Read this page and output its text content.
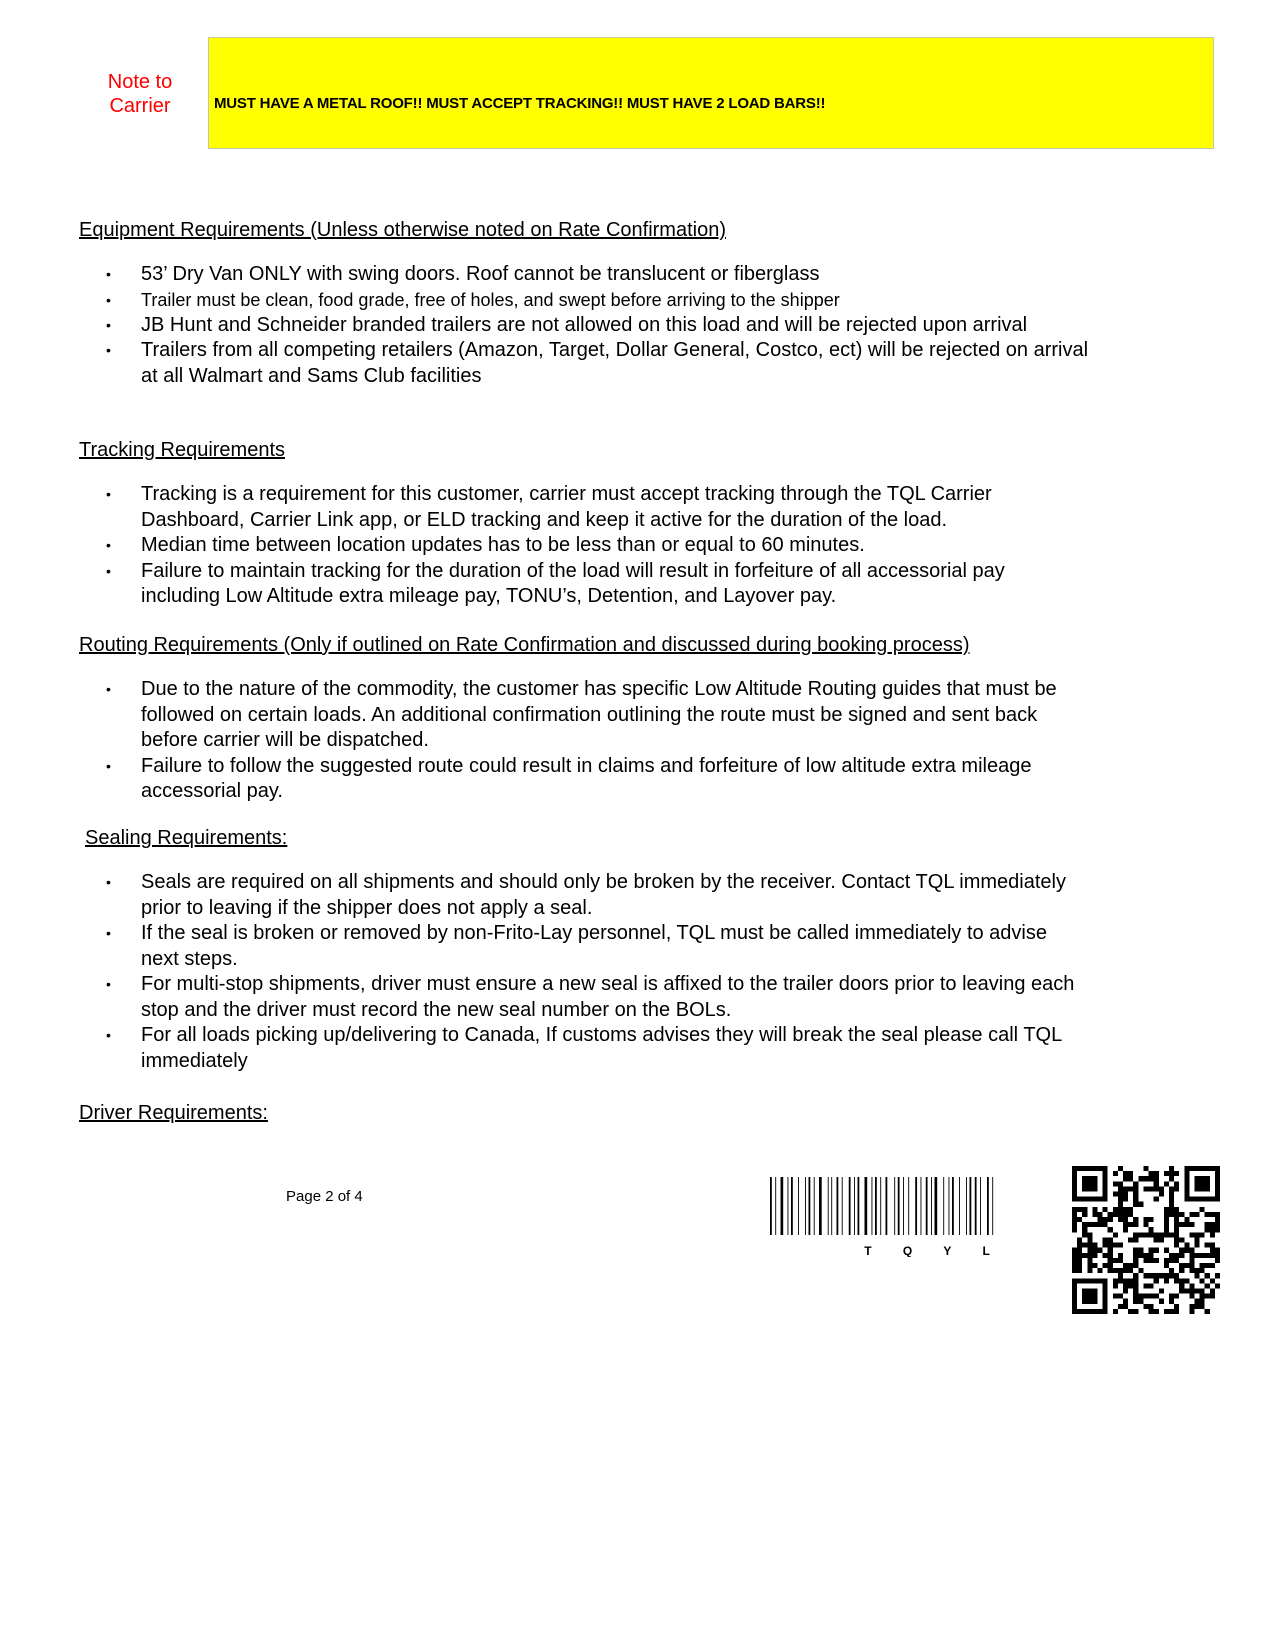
Note to Carrier	MUST HAVE A METAL ROOF!! MUST ACCEPT TRACKING!! MUST HAVE 2 LOAD BARS!!
Equipment Requirements (Unless otherwise noted on Rate Confirmation)
• 53’ Dry Van ONLY with swing doors. Roof cannot be translucent or fiberglass
• Trailer must be clean, food grade, free of holes, and swept before arriving to the shipper
• JB Hunt and Schneider branded trailers are not allowed on this load and will be rejected upon arrival
• Trailers from all competing retailers (Amazon, Target, Dollar General, Costco, ect) will be rejected on arrival at all Walmart and Sams Club facilities
Tracking Requirements
• Tracking is a requirement for this customer, carrier must accept tracking through the TQL Carrier Dashboard, Carrier Link app, or ELD tracking and keep it active for the duration of the load.
• Median time between location updates has to be less than or equal to 60 minutes.
• Failure to maintain tracking for the duration of the load will result in forfeiture of all accessorial pay including Low Altitude extra mileage pay, TONU’s, Detention, and Layover pay.
Routing Requirements (Only if outlined on Rate Confirmation and discussed during booking process)
• Due to the nature of the commodity, the customer has specific Low Altitude Routing guides that must be followed on certain loads. An additional confirmation outlining the route must be signed and sent back before carrier will be dispatched.
• Failure to follow the suggested route could result in claims and forfeiture of low altitude extra mileage accessorial pay.
Sealing Requirements:
• Seals are required on all shipments and should only be broken by the receiver. Contact TQL immediately prior to leaving if the shipper does not apply a seal.
• If the seal is broken or removed by non-Frito-Lay personnel, TQL must be called immediately to advise next steps.
• For multi-stop shipments, driver must ensure a new seal is affixed to the trailer doors prior to leaving each stop and the driver must record the new seal number on the BOLs.
• For all loads picking up/delivering to Canada, If customs advises they will break the seal please call TQL immediately
Driver Requirements:
Page 2 of 4
T Q Y L
